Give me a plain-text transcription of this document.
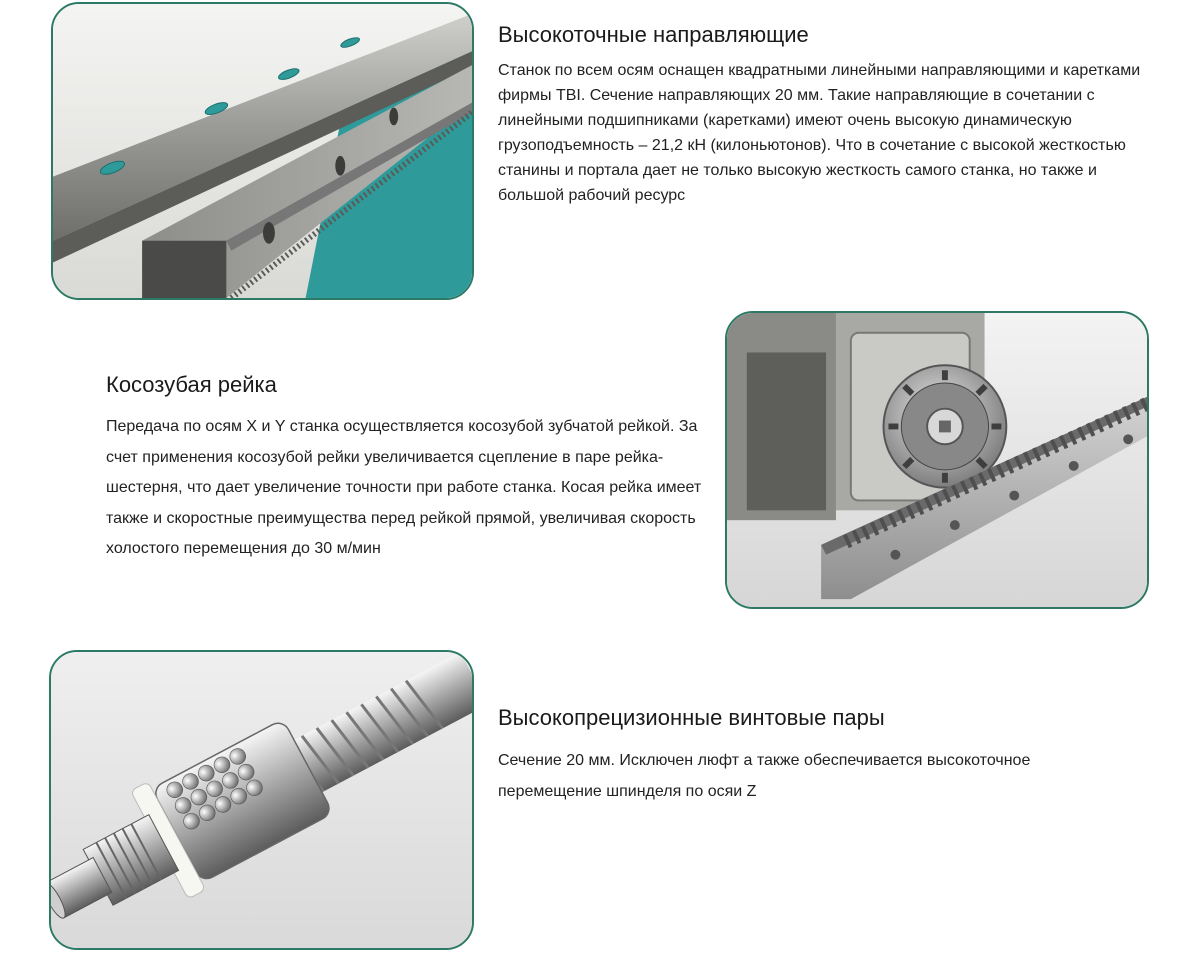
Высокоточные направляющие

Станок по всем осям оснащен квадратными линейными направляющими и каретками фирмы TBI. Сечение направляющих 20 мм. Такие направляющие в сочетании с линейными подшипниками (каретками) имеют очень высокую динамическую грузоподъемность – 21,2 кН (килоньютонов). Что в сочетание с высокой жесткостью станины и портала дает не только высокую жесткость самого станка, но также и большой рабочий ресурс

Косозубая рейка

Передача по осям X и Y станка осуществляется косозубой зубчатой рейкой. За счет применения косозубой рейки увеличивается сцепление в паре рейка-шестерня, что дает увеличение точности при работе станка. Косая рейка имеет также и скоростные преимущества перед рейкой прямой, увеличивая скорость холостого перемещения до 30 м/мин

Высокопрецизионные винтовые пары

Сечение 20 мм. Исключен люфт а также обеспечивается высокоточное перемещение шпинделя по осяи Z
